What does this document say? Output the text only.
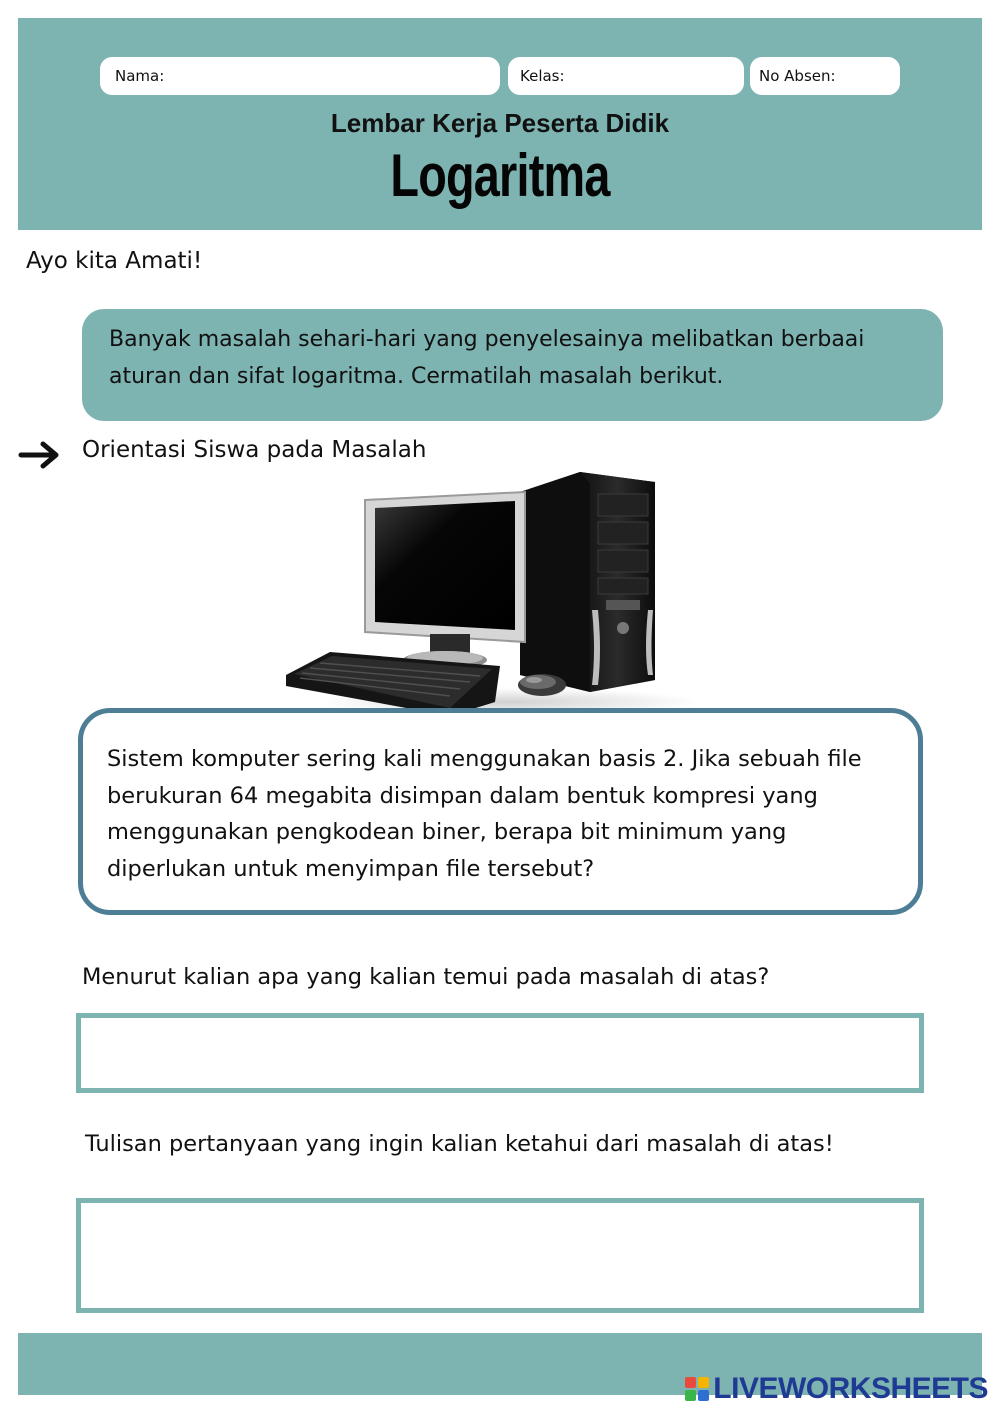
Nama:	Kelas:	No Absen:
Lembar Kerja Peserta Didik
Logaritma
Ayo kita Amati!
Banyak masalah sehari-hari yang penyelesainya melibatkan berbaai aturan dan sifat logaritma. Cermatilah masalah berikut.
Orientasi Siswa pada Masalah
Sistem komputer sering kali menggunakan basis 2. Jika sebuah file berukuran 64 megabita disimpan dalam bentuk kompresi yang menggunakan pengkodean biner, berapa bit minimum yang diperlukan untuk menyimpan file tersebut?
Menurut kalian apa yang kalian temui pada masalah di atas?
Tulisan pertanyaan yang ingin kalian ketahui dari masalah di atas!
LIVEWORKSHEETS
